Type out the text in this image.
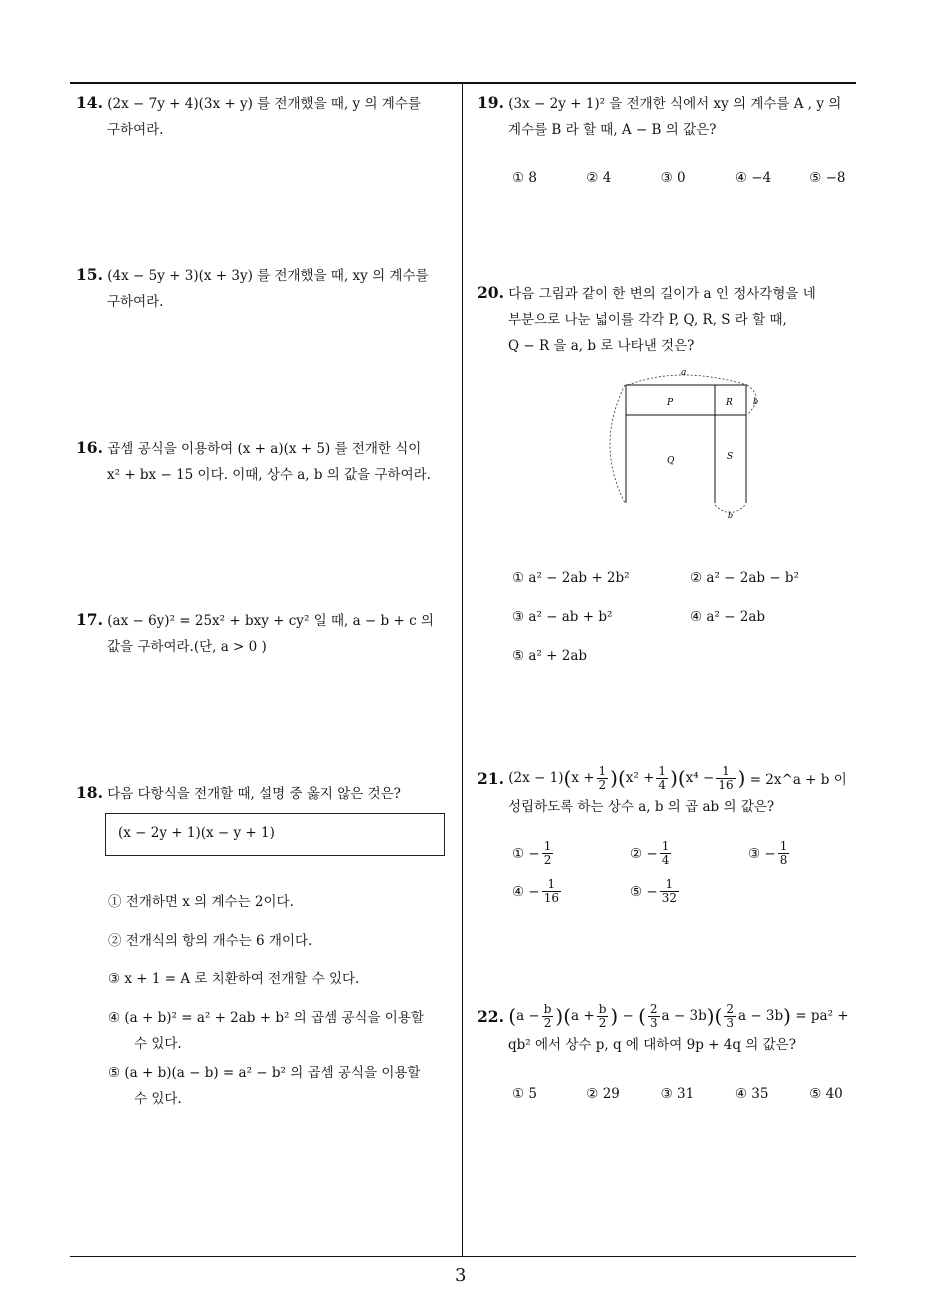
3
14. (2x − 7y + 4)(3x + y) 를 전개했을 때, y 의 계수를
구하여라.
15. (4x − 5y + 3)(x + 3y) 를 전개했을 때, xy 의 계수를
구하여라.
16. 곱셈 공식을 이용하여 (x + a)(x + 5) 를 전개한 식이
x² + bx − 15 이다. 이때, 상수 a, b 의 값을 구하여라.
17. (ax − 6y)² = 25x² + bxy + cy² 일 때, a − b + c 의
값을 구하여라.(단, a > 0 )
18. 다음 다항식을 전개할 때, 설명 중 옳지 않은 것은?
(x − 2y + 1)(x − y + 1)
① 전개하면 x 의 계수는 2이다.
② 전개식의 항의 개수는 6 개이다.
③ x + 1 = A 로 치환하여 전개할 수 있다.
④ (a + b)² = a² + 2ab + b² 의 곱셈 공식을 이용할
수 있다.
⑤ (a + b)(a − b) = a² − b² 의 곱셈 공식을 이용할
수 있다.
19. (3x − 2y + 1)² 을 전개한 식에서 xy 의 계수를 A , y 의
계수를 B 라 할 때, A − B 의 값은?
① 8	② 4	③ 0	④ −4	⑤ −8
20. 다음 그림과 같이 한 변의 길이가 a 인 정사각형을 네
부분으로 나눈 넓이를 각각 P, Q, R, S 라 할 때,
Q − R 을 a, b 로 나타낸 것은?
a
P	R
Q	S
b
b
① a² − 2ab + 2b²	② a² − 2ab − b²
③ a² − ab + b²	④ a² − 2ab
⑤ a² + 2ab
21.
(2x − 1) ( $x + \frac{1}{2}$ )( $x^2 + \frac{1}{4}$ )( $x^4 - \frac{1}{16}$ )
= 2x^a + b 이
성립하도록 하는 상수 a, b 의 곱 ab 의 값은?
① − $\frac{1}{2}$	② − $\frac{1}{4}$	③ − $\frac{1}{8}$
④ − $\frac{1}{16}$	⑤ − $\frac{1}{32}$
22.
( $a - \frac{b}{2}$ )( $a + \frac{b}{2}$ ) − ( $\frac{2}{3}$ a − 3b )( $\frac{2}{3}$ a − 3b )
= pa² +
qb² 에서 상수 p, q 에 대하여 9p + 4q 의 값은?
① 5	② 29	③ 31	④ 35	⑤ 40
